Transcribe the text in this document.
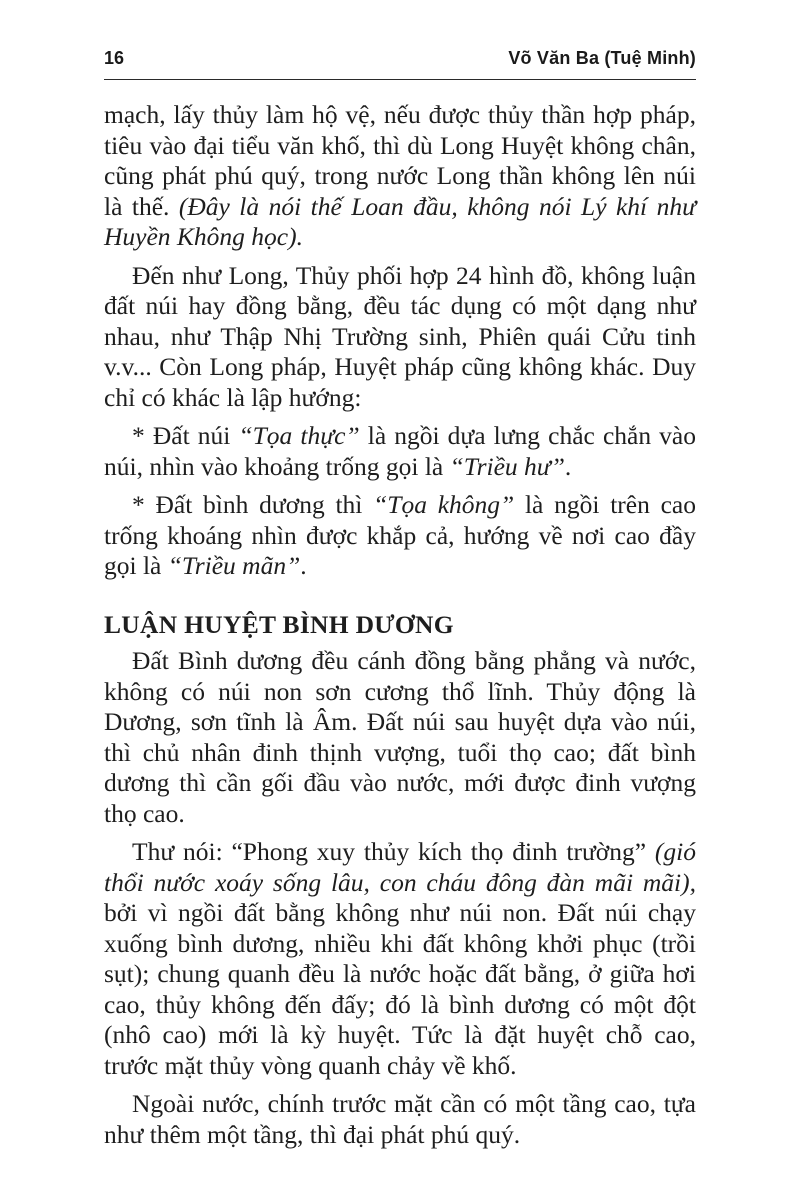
16	Võ Văn Ba (Tuệ Minh)

mạch, lấy thủy làm hộ vệ, nếu được thủy thần hợp pháp, tiêu vào đại tiểu văn khố, thì dù Long Huyệt không chân, cũng phát phú quý, trong nước Long thần không lên núi là thế. (Đây là nói thế Loan đầu, không nói Lý khí như Huyền Không học).

Đến như Long, Thủy phối hợp 24 hình đồ, không luận đất núi hay đồng bằng, đều tác dụng có một dạng như nhau, như Thập Nhị Trường sinh, Phiên quái Cửu tinh v.v... Còn Long pháp, Huyệt pháp cũng không khác. Duy chỉ có khác là lập hướng:

* Đất núi “Tọa thực” là ngồi dựa lưng chắc chắn vào núi, nhìn vào khoảng trống gọi là “Triều hư”.

* Đất bình dương thì “Tọa không” là ngồi trên cao trống khoáng nhìn được khắp cả, hướng về nơi cao đầy gọi là “Triều mãn”.

LUẬN HUYỆT BÌNH DƯƠNG

Đất Bình dương đều cánh đồng bằng phẳng và nước, không có núi non sơn cương thổ lĩnh. Thủy động là Dương, sơn tĩnh là Âm. Đất núi sau huyệt dựa vào núi, thì chủ nhân đinh thịnh vượng, tuổi thọ cao; đất bình dương thì cần gối đầu vào nước, mới được đinh vượng thọ cao.

Thư nói: “Phong xuy thủy kích thọ đinh trường” (gió thổi nước xoáy sống lâu, con cháu đông đàn mãi mãi), bởi vì ngồi đất bằng không như núi non. Đất núi chạy xuống bình dương, nhiều khi đất không khởi phục (trồi sụt); chung quanh đều là nước hoặc đất bằng, ở giữa hơi cao, thủy không đến đấy; đó là bình dương có một đột (nhô cao) mới là kỳ huyệt. Tức là đặt huyệt chỗ cao, trước mặt thủy vòng quanh chảy về khố.

Ngoài nước, chính trước mặt cần có một tầng cao, tựa như thêm một tầng, thì đại phát phú quý.
